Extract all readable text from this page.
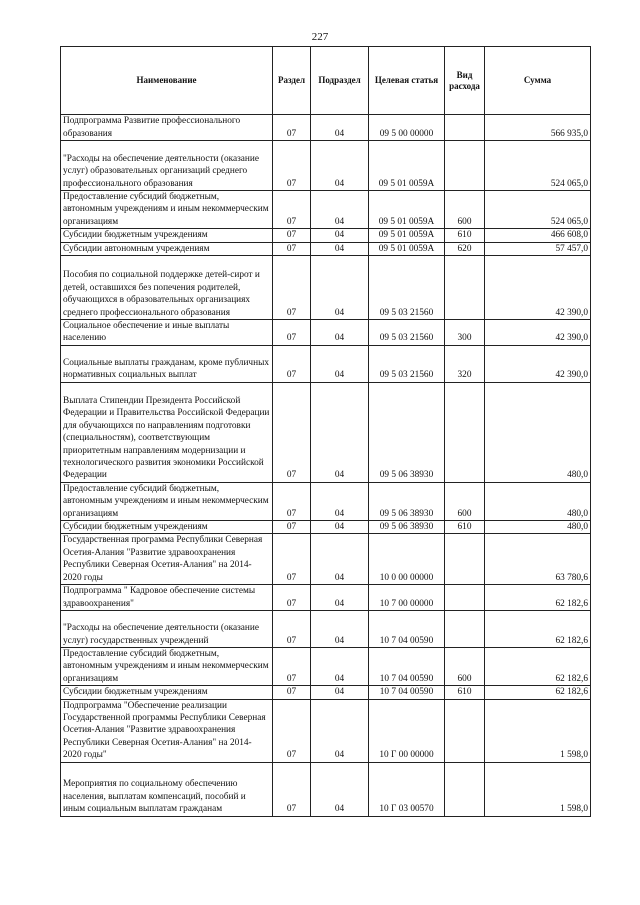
227
Наименование	Раздел	Подраздел	Целевая статья	Вид расхода	Сумма
Подпрограмма Развитие профессионального образования	07	04	09 5 00 00000		566 935,0
"Расходы на обеспечение деятельности (оказание услуг) образовательных организаций среднего профессионального образования	07	04	09 5 01 0059А		524 065,0
Предоставление субсидий бюджетным, автономным учреждениям и иным некоммерческим организациям	07	04	09 5 01 0059А	600	524 065,0
Субсидии бюджетным учреждениям	07	04	09 5 01 0059А	610	466 608,0
Субсидии автономным учреждениям	07	04	09 5 01 0059А	620	57 457,0
Пособия по социальной поддержке детей-сирот и детей, оставшихся без попечения родителей, обучающихся в образовательных организациях среднего профессионального образования	07	04	09 5 03 21560		42 390,0
Социальное обеспечение и иные выплаты населению	07	04	09 5 03 21560	300	42 390,0
Социальные выплаты гражданам, кроме публичных нормативных социальных выплат	07	04	09 5 03 21560	320	42 390,0
Выплата Стипендии Президента Российской Федерации и Правительства Российской Федерации для обучающихся по направлениям подготовки (специальностям), соответствующим приоритетным направлениям модернизации и технологического развития экономики Российской Федерации	07	04	09 5 06 38930		480,0
Предоставление субсидий бюджетным, автономным учреждениям и иным некоммерческим организациям	07	04	09 5 06 38930	600	480,0
Субсидии бюджетным учреждениям	07	04	09 5 06 38930	610	480,0
Государственная программа Республики Северная Осетия-Алания "Развитие здравоохранения Республики Северная Осетия-Алания" на 2014-2020 годы	07	04	10 0 00 00000		63 780,6
Подпрограмма " Кадровое обеспечение системы здравоохранения"	07	04	10 7 00 00000		62 182,6
"Расходы на обеспечение деятельности (оказание услуг) государственных учреждений	07	04	10 7 04 00590		62 182,6
Предоставление субсидий бюджетным, автономным учреждениям и иным некоммерческим организациям	07	04	10 7 04 00590	600	62 182,6
Субсидии бюджетным учреждениям	07	04	10 7 04 00590	610	62 182,6
Подпрограмма "Обеспечение реализации Государственной программы Республики Северная Осетия-Алания "Развитие здравоохранения Республики Северная Осетия-Алания" на 2014-2020 годы"	07	04	10 Г 00 00000		1 598,0
Мероприятия по социальному обеспечению населения, выплатам компенсаций, пособий и иным социальным выплатам гражданам	07	04	10 Г 03 00570		1 598,0
